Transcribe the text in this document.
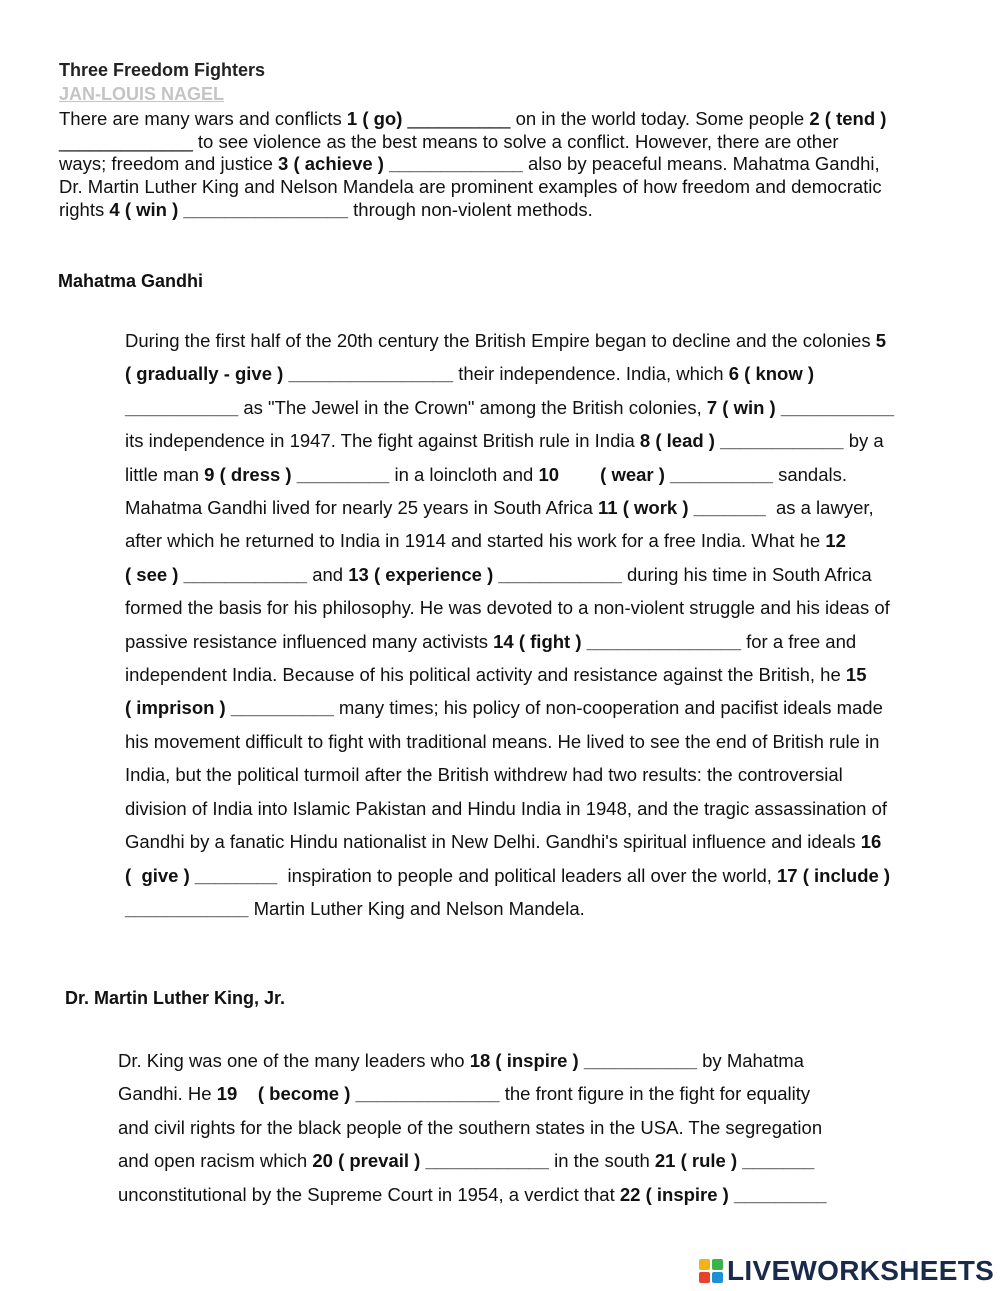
Three Freedom Fighters
JAN-LOUIS NAGEL
There are many wars and conflicts 1 ( go) __________ on in the world today. Some people 2 ( tend )
_____________ to see violence as the best means to solve a conflict. However, there are other
ways; freedom and justice 3 ( achieve ) _____________ also by peaceful means. Mahatma Gandhi,
Dr. Martin Luther King and Nelson Mandela are prominent examples of how freedom and democratic
rights 4 ( win ) ________________ through non-violent methods.
Mahatma Gandhi
During the first half of the 20th century the British Empire began to decline and the colonies 5
( gradually - give ) ________________ their independence. India, which 6 ( know )
___________ as "The Jewel in the Crown" among the British colonies, 7 ( win ) ___________
its independence in 1947. The fight against British rule in India 8 ( lead ) ____________ by a
little man 9 ( dress ) _________ in a loincloth and 10        ( wear ) __________ sandals.
Mahatma Gandhi lived for nearly 25 years in South Africa 11 ( work ) _______  as a lawyer,
after which he returned to India in 1914 and started his work for a free India. What he 12
( see ) ____________ and 13 ( experience ) ____________ during his time in South Africa
formed the basis for his philosophy. He was devoted to a non-violent struggle and his ideas of
passive resistance influenced many activists 14 ( fight ) _______________ for a free and
independent India. Because of his political activity and resistance against the British, he 15
( imprison ) __________ many times; his policy of non-cooperation and pacifist ideals made
his movement difficult to fight with traditional means. He lived to see the end of British rule in
India, but the political turmoil after the British withdrew had two results: the controversial
division of India into Islamic Pakistan and Hindu India in 1948, and the tragic assassination of
Gandhi by a fanatic Hindu nationalist in New Delhi. Gandhi's spiritual influence and ideals 16
(  give ) ________  inspiration to people and political leaders all over the world, 17 ( include )
____________ Martin Luther King and Nelson Mandela.
Dr. Martin Luther King, Jr.
Dr. King was one of the many leaders who 18 ( inspire ) ___________ by Mahatma
Gandhi. He 19    ( become ) ______________ the front figure in the fight for equality
and civil rights for the black people of the southern states in the USA. The segregation
and open racism which 20 ( prevail ) ____________ in the south 21 ( rule ) _______
unconstitutional by the Supreme Court in 1954, a verdict that 22 ( inspire ) _________
LIVEWORKSHEETS
